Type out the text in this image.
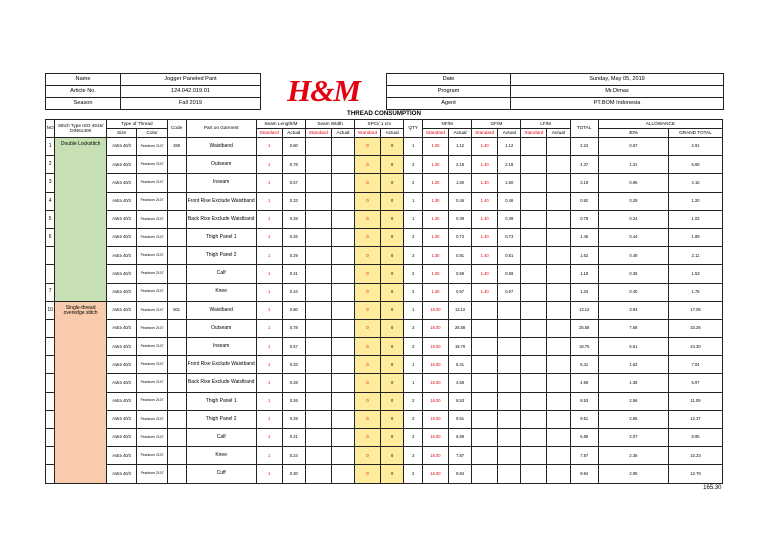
Name	Jogger Paneled Pant	H&M	Date	Sunday, May 05, 2019
Article No.	124.042.019.01		Program	Mr.Dimas
Season	Fall 2019		Agent	PT.BOM Indonesia
THREAD CONSUMPTION																					
NO	Stitch Type ISO 4915/ DIN61400	Type of Thread		Code	Part on Garment	Seam Length/M		Seam Width		SPCi/ 1 cm		QTY	NF/M		GF/M		LF/M		TOTAL	ALLOWANCE	
		Size	Color			Standard	Actual	Standard	Actual	Standard	Actual		Standard	Actual	Standard	Actual	Standard	Actual		30%	GRAND TOTAL
1	Double Lockstitch	Astra 40/3	Pearlcorn 2107	269	Waistband	1	0.80			0	0	1	1.30	1.12	1.40	1.12			2.24	0.67	2.91
2		Astra 40/3	Pearlcorn 2107		Outseam	1	0.78			0	0	2	1.30	2.18	1.40	2.18			4.37	1.31	5.68
3		Astra 40/3	Pearlcorn 2107		Inseam	1	0.57			0	0	2	1.30	1.60	1.40	1.60			3.19	0.96	4.15
4		Astra 40/3	Pearlcorn 2107		Front Rise Exclude Waistband	1	0.33			0	0	1	1.30	0.46	1.40	0.46			0.92	0.28	1.20
5		Astra 40/3	Pearlcorn 2107		Back Rise Exclude Waistband	1	0.28			0	0	1	1.30	0.39	1.40	0.39			0.78	0.24	1.02
6		Astra 40/3	Pearlcorn 2107		Thigh Panel 1	1	0.26			0	0	2	1.30	0.73	1.40	0.73			1.46	0.44	1.89
		Astra 40/3	Pearlcorn 2107		Thigh Panel 2	1	0.29			0	0	2	1.30	0.81	1.40	0.81			1.62	0.49	2.11
		Astra 40/3	Pearlcorn 2107		Calf	1	0.21			0	0	2	1.30	0.59	1.40	0.59			1.18	0.35	1.53
7		Astra 40/3	Pearlcorn 2107		Knee	1	0.24			0	0	2	1.30	0.67	1.40	0.67			1.34	0.40	1.75
10	Single-thread overedge stitch	Astra 40/3	Pearlcorn 2107	501	Waistband	1	0.80			0	0	1	16.00	13.12					13.12	3.94	17.06
		Astra 40/3	Pearlcorn 2107		Outseam	1	0.78			0	0	2	16.00	25.58					25.58	7.68	33.26
		Astra 40/3	Pearlcorn 2107		Inseam	1	0.57			0	0	2	16.00	18.70					18.70	5.61	24.30
		Astra 40/3	Pearlcorn 2107		Front Rise Exclude Waistband	1	0.33			0	0	1	16.00	5.41					5.41	1.62	7.04
		Astra 40/3	Pearlcorn 2107		Back Rise Exclude Waistband	1	0.28			0	0	1	16.00	4.59					4.59	1.38	5.97
		Astra 40/3	Pearlcorn 2107		Thigh Panel 1	1	0.26			0	0	2	16.00	8.53					8.53	2.56	11.09
		Astra 40/3	Pearlcorn 2107		Thigh Panel 2	1	0.29			0	0	2	16.00	9.51					9.51	2.85	12.37
		Astra 40/3	Pearlcorn 2107		Calf	1	0.21			0	0	2	16.00	6.89					6.89	2.07	8.95
		Astra 40/3	Pearlcorn 2107		Knee	1	0.24			0	0	2	16.00	7.87					7.87	2.36	10.23
		Astra 40/3	Pearlcorn 2107		Cuff	1	0.30			0	0	2	16.00	9.84					9.84	2.95	12.79
																					165.30
